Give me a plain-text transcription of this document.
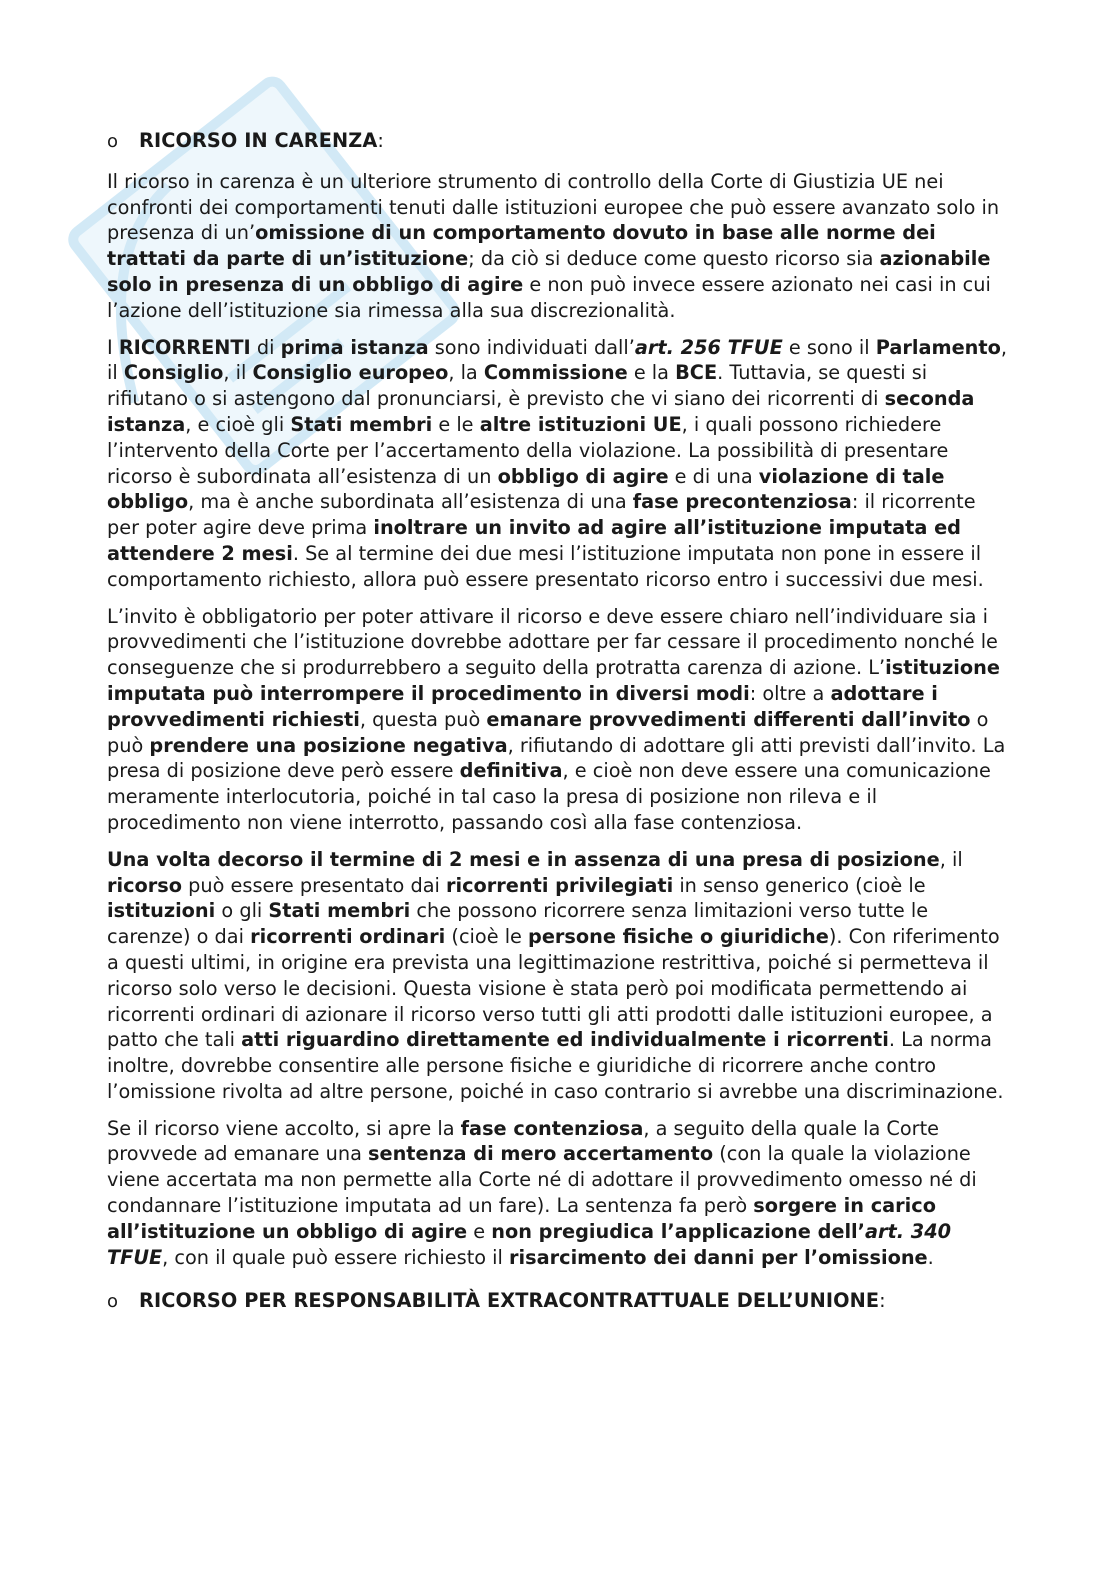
o	RICORSO IN CARENZA:

Il ricorso in carenza è un ulteriore strumento di controllo della Corte di Giustizia UE nei confronti dei comportamenti tenuti dalle istituzioni europee che può essere avanzato solo in presenza di un’omissione di un comportamento dovuto in base alle norme dei trattati da parte di un’istituzione; da ciò si deduce come questo ricorso sia azionabile solo in presenza di un obbligo di agire e non può invece essere azionato nei casi in cui l’azione dell’istituzione sia rimessa alla sua discrezionalità.

I RICORRENTI di prima istanza sono individuati dall’art. 256 TFUE e sono il Parlamento, il Consiglio, il Consiglio europeo, la Commissione e la BCE. Tuttavia, se questi si rifiutano o si astengono dal pronunciarsi, è previsto che vi siano dei ricorrenti di seconda istanza, e cioè gli Stati membri e le altre istituzioni UE, i quali possono richiedere l’intervento della Corte per l’accertamento della violazione. La possibilità di presentare ricorso è subordinata all’esistenza di un obbligo di agire e di una violazione di tale obbligo, ma è anche subordinata all’esistenza di una fase precontenziosa: il ricorrente per poter agire deve prima inoltrare un invito ad agire all’istituzione imputata ed attendere 2 mesi. Se al termine dei due mesi l’istituzione imputata non pone in essere il comportamento richiesto, allora può essere presentato ricorso entro i successivi due mesi.

L’invito è obbligatorio per poter attivare il ricorso e deve essere chiaro nell’individuare sia i provvedimenti che l’istituzione dovrebbe adottare per far cessare il procedimento nonché le conseguenze che si produrrebbero a seguito della protratta carenza di azione. L’istituzione imputata può interrompere il procedimento in diversi modi: oltre a adottare i provvedimenti richiesti, questa può emanare provvedimenti differenti dall’invito o può prendere una posizione negativa, rifiutando di adottare gli atti previsti dall’invito. La presa di posizione deve però essere definitiva, e cioè non deve essere una comunicazione meramente interlocutoria, poiché in tal caso la presa di posizione non rileva e il procedimento non viene interrotto, passando così alla fase contenziosa.

Una volta decorso il termine di 2 mesi e in assenza di una presa di posizione, il ricorso può essere presentato dai ricorrenti privilegiati in senso generico (cioè le istituzioni o gli Stati membri che possono ricorrere senza limitazioni verso tutte le carenze) o dai ricorrenti ordinari (cioè le persone fisiche o giuridiche). Con riferimento a questi ultimi, in origine era prevista una legittimazione restrittiva, poiché si permetteva il ricorso solo verso le decisioni. Questa visione è stata però poi modificata permettendo ai ricorrenti ordinari di azionare il ricorso verso tutti gli atti prodotti dalle istituzioni europee, a patto che tali atti riguardino direttamente ed individualmente i ricorrenti. La norma inoltre, dovrebbe consentire alle persone fisiche e giuridiche di ricorrere anche contro l’omissione rivolta ad altre persone, poiché in caso contrario si avrebbe una discriminazione.

Se il ricorso viene accolto, si apre la fase contenziosa, a seguito della quale la Corte provvede ad emanare una sentenza di mero accertamento (con la quale la violazione viene accertata ma non permette alla Corte né di adottare il provvedimento omesso né di condannare l’istituzione imputata ad un fare). La sentenza fa però sorgere in carico all’istituzione un obbligo di agire e non pregiudica l’applicazione dell’art. 340 TFUE, con il quale può essere richiesto il risarcimento dei danni per l’omissione.

o	RICORSO PER RESPONSABILITÀ EXTRACONTRATTUALE DELL’UNIONE:
